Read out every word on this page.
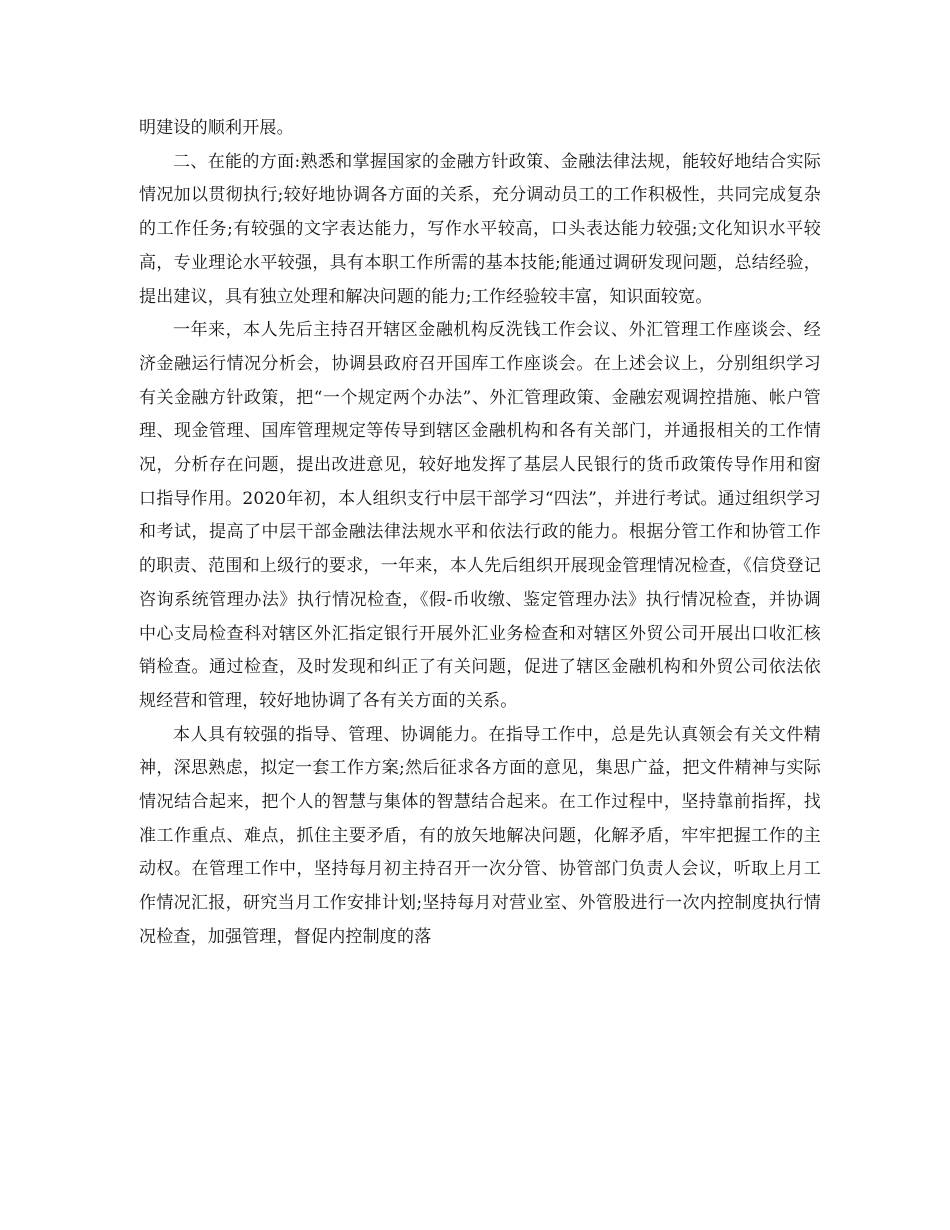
明建设的顺利开展。

二、在能的方面:熟悉和掌握国家的金融方针政策、金融法律法规，能较好地结合实际情况加以贯彻执行;较好地协调各方面的关系，充分调动员工的工作积极性，共同完成复杂的工作任务;有较强的文字表达能力，写作水平较高，口头表达能力较强;文化知识水平较高，专业理论水平较强，具有本职工作所需的基本技能;能通过调研发现问题，总结经验，提出建议，具有独立处理和解决问题的能力;工作经验较丰富，知识面较宽。

一年来，本人先后主持召开辖区金融机构反洗钱工作会议、外汇管理工作座谈会、经济金融运行情况分析会，协调县政府召开国库工作座谈会。在上述会议上，分别组织学习有关金融方针政策，把“一个规定两个办法”、外汇管理政策、金融宏观调控措施、帐户管理、现金管理、国库管理规定等传导到辖区金融机构和各有关部门，并通报相关的工作情况，分析存在问题，提出改进意见，较好地发挥了基层人民银行的货币政策传导作用和窗口指导作用。2020年初，本人组织支行中层干部学习“四法”，并进行考试。通过组织学习和考试，提高了中层干部金融法律法规水平和依法行政的能力。根据分管工作和协管工作的职责、范围和上级行的要求，一年来，本人先后组织开展现金管理情况检查，《信贷登记咨询系统管理办法》执行情况检查，《假-币收缴、鉴定管理办法》执行情况检查，并协调中心支局检查科对辖区外汇指定银行开展外汇业务检查和对辖区外贸公司开展出口收汇核销检查。通过检查，及时发现和纠正了有关问题，促进了辖区金融机构和外贸公司依法依规经营和管理，较好地协调了各有关方面的关系。

本人具有较强的指导、管理、协调能力。在指导工作中，总是先认真领会有关文件精神，深思熟虑，拟定一套工作方案;然后征求各方面的意见，集思广益，把文件精神与实际情况结合起来，把个人的智慧与集体的智慧结合起来。在工作过程中，坚持靠前指挥，找准工作重点、难点，抓住主要矛盾，有的放矢地解决问题，化解矛盾，牢牢把握工作的主动权。在管理工作中，坚持每月初主持召开一次分管、协管部门负责人会议，听取上月工作情况汇报，研究当月工作安排计划;坚持每月对营业室、外管股进行一次内控制度执行情况检查，加强管理，督促内控制度的落
